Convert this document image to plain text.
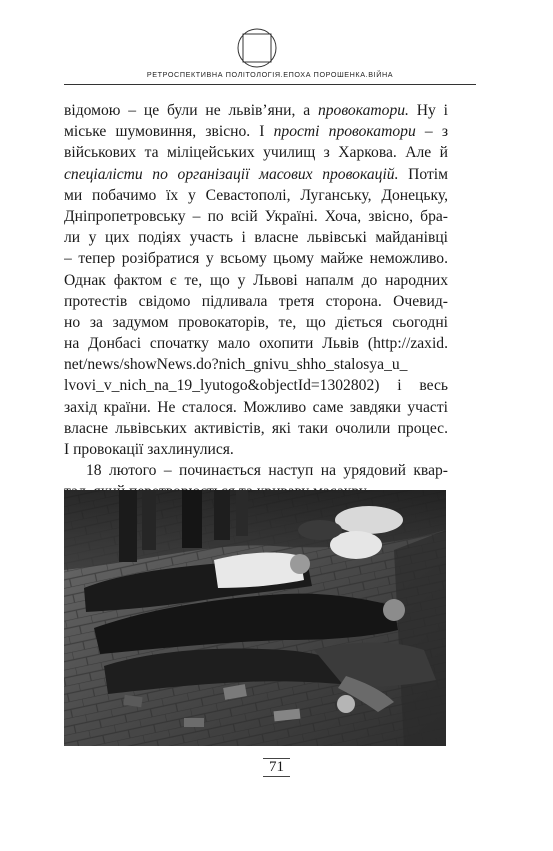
РЕТРОСПЕКТИВНА ПОЛІТОЛОГІЯ.ЕПОХА ПОРОШЕНКА.ВІЙНА
відомою – це були не львів’яни, а провокатори. Ну і
міське шумовиння, звісно. І прості провокатори – з
військових та міліцейських училищ з Харкова. Але й
спеціалісти по організації масових провокацій. Потім
ми побачимо їх у Севастополі, Луганську, Донецьку,
Дніпропетровську – по всій Україні. Хоча, звісно, бра-
ли у цих подіях участь і власне львівські майданівці
– тепер розібратися у всьому цьому майже неможливо.
Однак фактом є те, що у Львові напалм до народних
протестів свідомо підливала третя сторона. Очевид-
но за задумом провокаторів, те, що діється сьогодні
на Донбасі спочатку мало охопити Львів (http://zaxid.
net/news/showNews.do?nich_gnivu_shho_stalosya_u_
lvovi_v_nich_na_19_lyutogo&objectId=1302802) і весь
захід країни. Не сталося. Можливо саме завдяки участі
власне львівських активістів, які таки очолили процес.
І провокації захлинулися.
18 лютого – починається наступ на урядовий квар-
71
